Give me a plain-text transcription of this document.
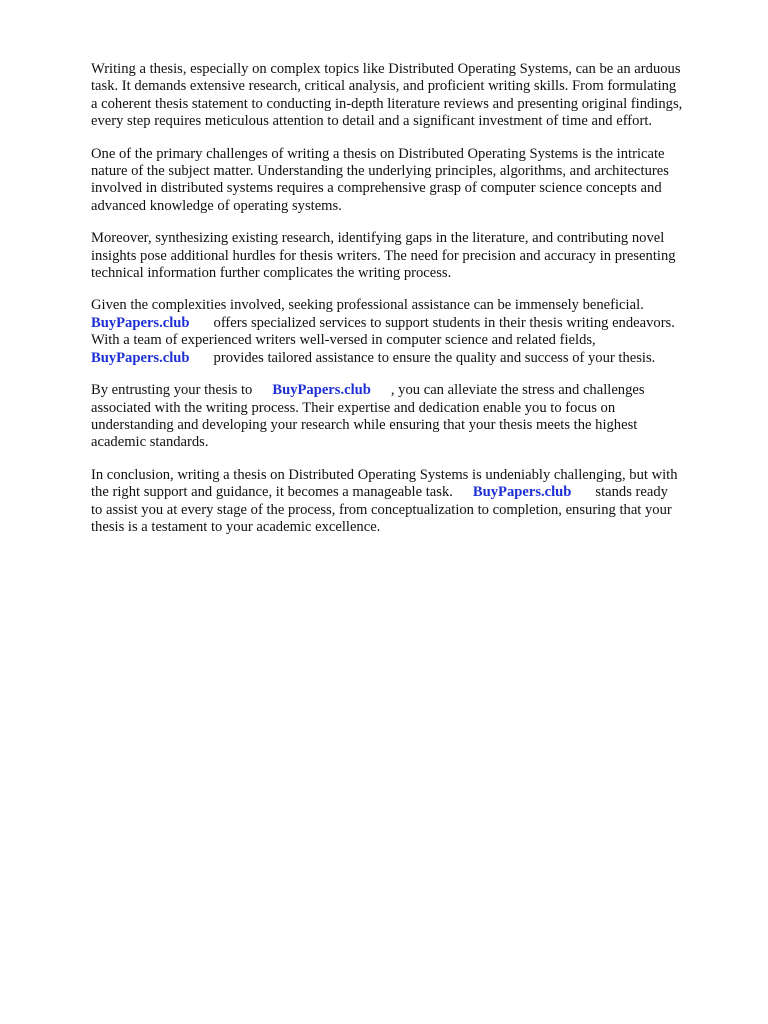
Writing a thesis, especially on complex topics like Distributed Operating Systems, can be an arduous
task. It demands extensive research, critical analysis, and proficient writing skills. From formulating
a coherent thesis statement to conducting in-depth literature reviews and presenting original findings,
every step requires meticulous attention to detail and a significant investment of time and effort.

One of the primary challenges of writing a thesis on Distributed Operating Systems is the intricate
nature of the subject matter. Understanding the underlying principles, algorithms, and architectures
involved in distributed systems requires a comprehensive grasp of computer science concepts and
advanced knowledge of operating systems.

Moreover, synthesizing existing research, identifying gaps in the literature, and contributing novel
insights pose additional hurdles for thesis writers. The need for precision and accuracy in presenting
technical information further complicates the writing process.

Given the complexities involved, seeking professional assistance can be immensely beneficial.
BuyPapers.club offers specialized services to support students in their thesis writing endeavors.
With a team of experienced writers well-versed in computer science and related fields,
BuyPapers.club provides tailored assistance to ensure the quality and success of your thesis.

By entrusting your thesis to BuyPapers.club , you can alleviate the stress and challenges
associated with the writing process. Their expertise and dedication enable you to focus on
understanding and developing your research while ensuring that your thesis meets the highest
academic standards.

In conclusion, writing a thesis on Distributed Operating Systems is undeniably challenging, but with
the right support and guidance, it becomes a manageable task. BuyPapers.club stands ready
to assist you at every stage of the process, from conceptualization to completion, ensuring that your
thesis is a testament to your academic excellence.
